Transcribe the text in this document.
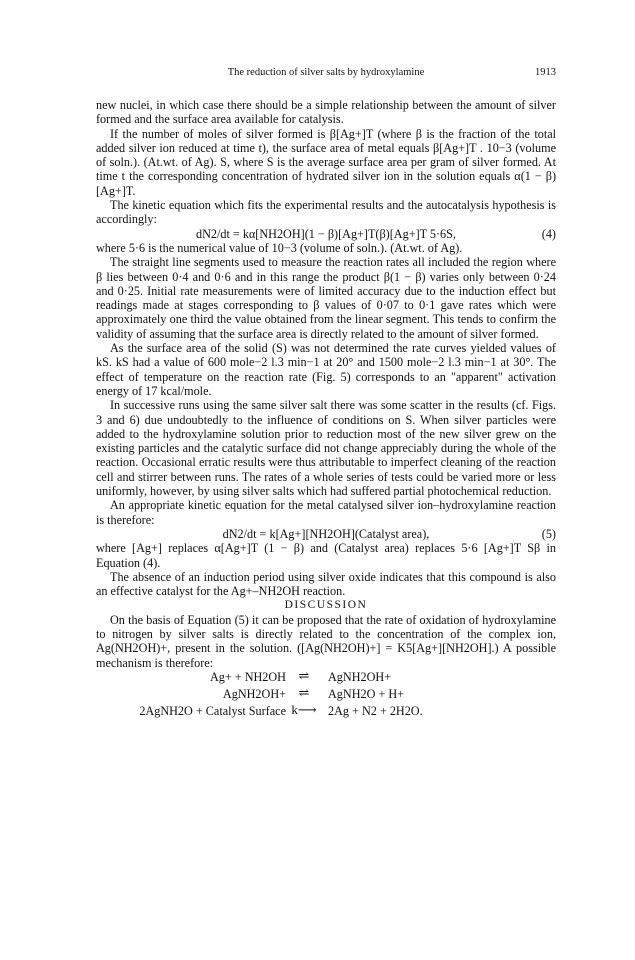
The reduction of silver salts by hydroxylamine	1913

new nuclei, in which case there should be a simple relationship between the amount of silver formed and the surface area available for catalysis.

If the number of moles of silver formed is β[Ag+]T (where β is the fraction of the total added silver ion reduced at time t), the surface area of metal equals β[Ag+]T . 10−3 (volume of soln.). (At.wt. of Ag). S, where S is the average surface area per gram of silver formed. At time t the corresponding concentration of hydrated silver ion in the solution equals α(1 − β)[Ag+]T.

The kinetic equation which fits the experimental results and the autocatalysis hypothesis is accordingly:

dN2/dt = kα[NH2OH](1 − β)[Ag+]T(β)[Ag+]T 5·6S,	(4)

where 5·6 is the numerical value of 10−3 (volume of soln.). (At.wt. of Ag).

The straight line segments used to measure the reaction rates all included the region where β lies between 0·4 and 0·6 and in this range the product β(1 − β) varies only between 0·24 and 0·25. Initial rate measurements were of limited accuracy due to the induction effect but readings made at stages corresponding to β values of 0·07 to 0·1 gave rates which were approximately one third the value obtained from the linear segment. This tends to confirm the validity of assuming that the surface area is directly related to the amount of silver formed.

As the surface area of the solid (S) was not determined the rate curves yielded values of kS. kS had a value of 600 mole−2 l.3 min−1 at 20° and 1500 mole−2 l.3 min−1 at 30°. The effect of temperature on the reaction rate (Fig. 5) corresponds to an "apparent" activation energy of 17 kcal/mole.

In successive runs using the same silver salt there was some scatter in the results (cf. Figs. 3 and 6) due undoubtedly to the influence of conditions on S. When silver particles were added to the hydroxylamine solution prior to reduction most of the new silver grew on the existing particles and the catalytic surface did not change appreciably during the whole of the reaction. Occasional erratic results were thus attributable to imperfect cleaning of the reaction cell and stirrer between runs. The rates of a whole series of tests could be varied more or less uniformly, however, by using silver salts which had suffered partial photochemical reduction.

An appropriate kinetic equation for the metal catalysed silver ion–hydroxylamine reaction is therefore:

dN2/dt = k[Ag+][NH2OH](Catalyst area),	(5)

where [Ag+] replaces α[Ag+]T (1 − β) and (Catalyst area) replaces 5·6 [Ag+]T Sβ in Equation (4).

The absence of an induction period using silver oxide indicates that this compound is also an effective catalyst for the Ag+–NH2OH reaction.

DISCUSSION

On the basis of Equation (5) it can be proposed that the rate of oxidation of hydroxylamine to nitrogen by silver salts is directly related to the concentration of the complex ion, Ag(NH2OH)+, present in the solution. ([Ag(NH2OH)+] = K5[Ag+][NH2OH].) A possible mechanism is therefore:

Ag+ + NH2OH ⇌	AgNH2OH+
AgNH2OH+ ⇌	AgNH2O + H+
2AgNH2O + Catalyst Surface k⟶ 2Ag + N2 + 2H2O.
